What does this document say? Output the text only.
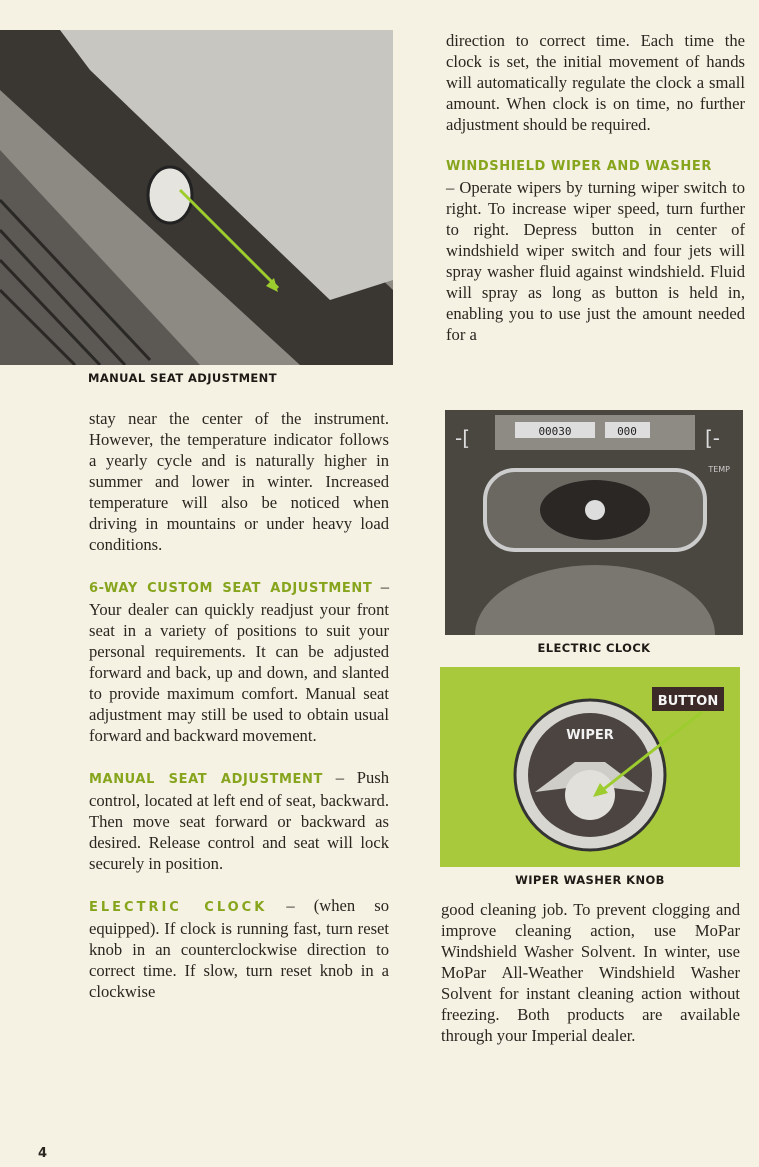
MANUAL SEAT ADJUSTMENT

stay near the center of the instrument. However, the temperature indicator follows a yearly cycle and is naturally higher in summer and lower in winter. Increased temperature will also be noticed when driving in mountains or under heavy load conditions.

6-WAY CUSTOM SEAT ADJUSTMENT – Your dealer can quickly readjust your front seat in a variety of positions to suit your personal requirements. It can be adjusted forward and back, up and down, and slanted to provide maximum comfort. Manual seat adjustment may still be used to obtain usual forward and backward movement.

MANUAL SEAT ADJUSTMENT – Push control, located at left end of seat, backward. Then move seat forward or backward as desired. Release control and seat will lock securely in position.

ELECTRIC CLOCK – (when so equipped). If clock is running fast, turn reset knob in an counterclockwise direction to correct time. If slow, turn reset knob in a clockwise

direction to correct time. Each time the clock is set, the initial movement of hands will automatically regulate the clock a small amount. When clock is on time, no further adjustment should be required.

WINDSHIELD WIPER AND WASHER
– Operate wipers by turning wiper switch to right. To increase wiper speed, turn further to right. Depress button in center of windshield wiper switch and four jets will spray washer fluid against windshield. Fluid will spray as long as button is held in, enabling you to use just the amount needed for a

00030	000
TEMP
-[	[-
ELECTRIC CLOCK
WIPER
BUTTON
WIPER WASHER KNOB

good cleaning job. To prevent clogging and improve cleaning action, use MoPar Windshield Washer Solvent. In winter, use MoPar All-Weather Windshield Washer Solvent for instant cleaning action without freezing. Both products are available through your Imperial dealer.

4
